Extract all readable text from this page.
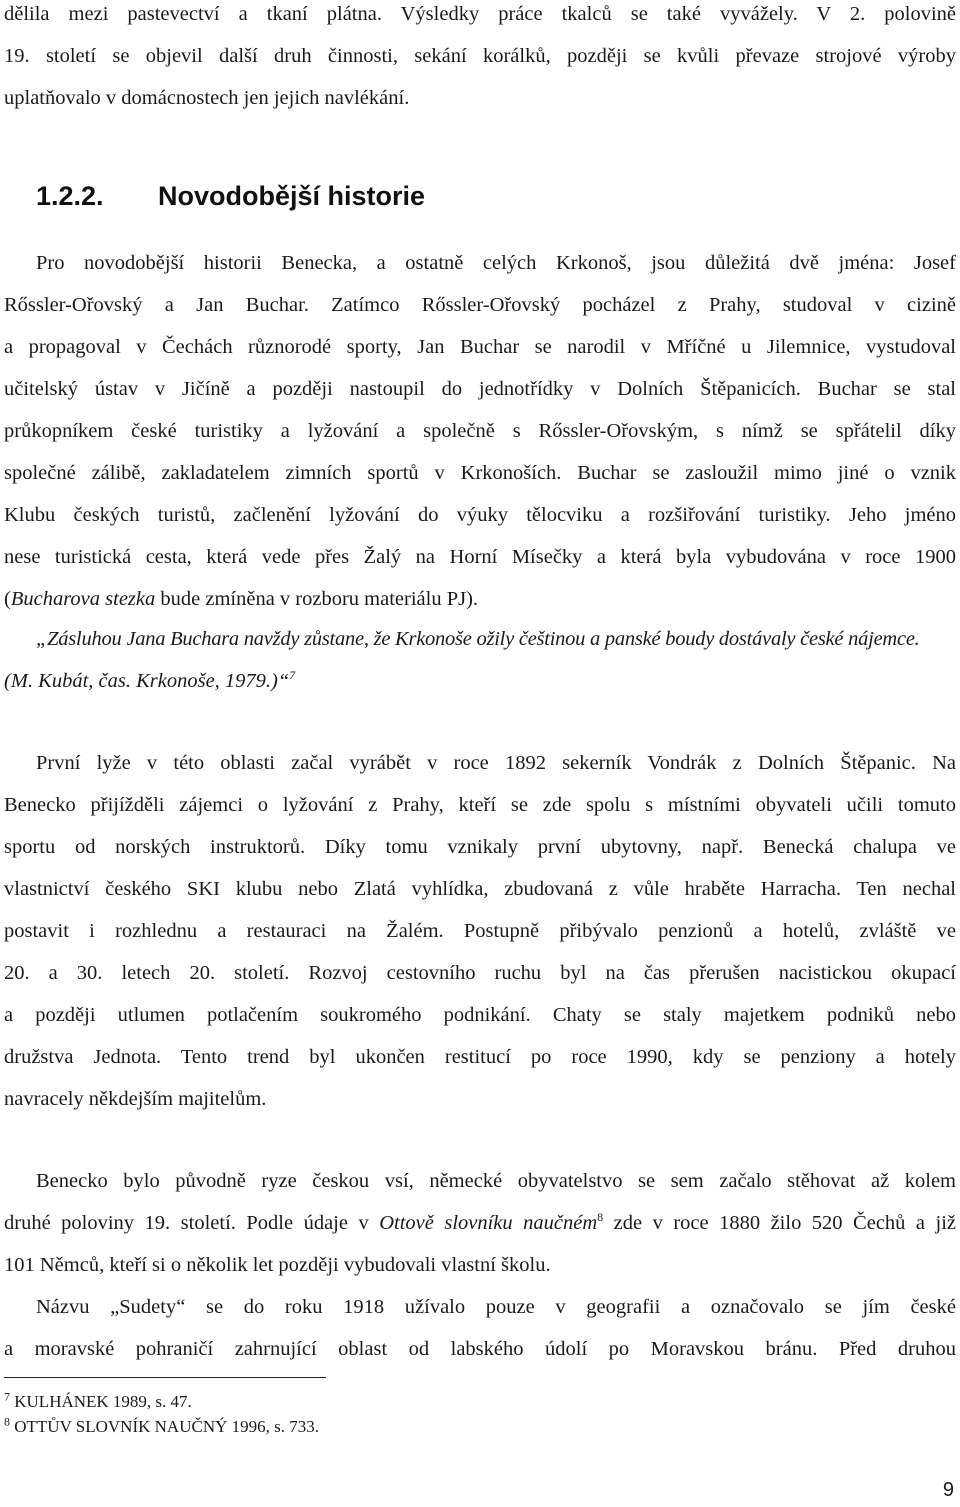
dělila mezi pastevectví a tkaní plátna. Výsledky práce tkalců se také vyvážely. V 2. polovině
19. století se objevil další druh činnosti, sekání korálků, později se kvůli převaze strojové výroby
uplatňovalo v domácnostech jen jejich navlékání.
1.2.2. Novodobější historie
Pro novodobější historii Benecka, a ostatně celých Krkonoš, jsou důležitá dvě jména: Josef
Rőssler-Ořovský a Jan Buchar. Zatímco Rőssler-Ořovský pocházel z Prahy, studoval v cizině
a propagoval v Čechách různorodé sporty, Jan Buchar se narodil v Mříčné u Jilemnice, vystudoval
učitelský ústav v Jičíně a později nastoupil do jednotřídky v Dolních Štěpanicích. Buchar se stal
průkopníkem české turistiky a lyžování a společně s Rőssler-Ořovským, s nímž se spřátelil díky
společné zálibě, zakladatelem zimních sportů v Krkonoších. Buchar se zasloužil mimo jiné o vznik
Klubu českých turistů, začlenění lyžování do výuky tělocviku a rozšiřování turistiky. Jeho jméno
nese turistická cesta, která vede přes Žalý na Horní Mísečky a která byla vybudována v roce 1900
(Bucharova stezka bude zmíněna v rozboru materiálu PJ).
„Zásluhou Jana Buchara navždy zůstane, že Krkonoše ožily češtinou a panské boudy dostávaly české nájemce.
(M. Kubát, čas. Krkonoše, 1979.)“$^7$
První lyže v této oblasti začal vyrábět v roce 1892 sekerník Vondrák z Dolních Štěpanic. Na
Benecko přijížděli zájemci o lyžování z Prahy, kteří se zde spolu s místními obyvateli učili tomuto
sportu od norských instruktorů. Díky tomu vznikaly první ubytovny, např. Benecká chalupa ve
vlastnictví českého SKI klubu nebo Zlatá vyhlídka, zbudovaná z vůle hraběte Harracha. Ten nechal
postavit i rozhlednu a restauraci na Žalém. Postupně přibývalo penzionů a hotelů, zvláště ve
20. a 30. letech 20. století. Rozvoj cestovního ruchu byl na čas přerušen nacistickou okupací
a později utlumen potlačením soukromého podnikání. Chaty se staly majetkem podniků nebo
družstva Jednota. Tento trend byl ukončen restitucí po roce 1990, kdy se penziony a hotely
navracely někdejším majitelům.
Benecko bylo původně ryze českou vsí, německé obyvatelstvo se sem začalo stěhovat až kolem
druhé poloviny 19. století. Podle údaje v Ottově slovníku naučném$^8$ zde v roce 1880 žilo 520 Čechů a již
101 Němců, kteří si o několik let později vybudovali vlastní školu.
Názvu „Sudety“ se do roku 1918 užívalo pouze v geografii a označovalo se jím české
a moravské pohraničí zahrnující oblast od labského údolí po Moravskou bránu. Před druhou
$^7$ KULHÁNEK 1989, s. 47.
$^8$ OTTŮV SLOVNÍK NAUČNÝ 1996, s. 733.
9
